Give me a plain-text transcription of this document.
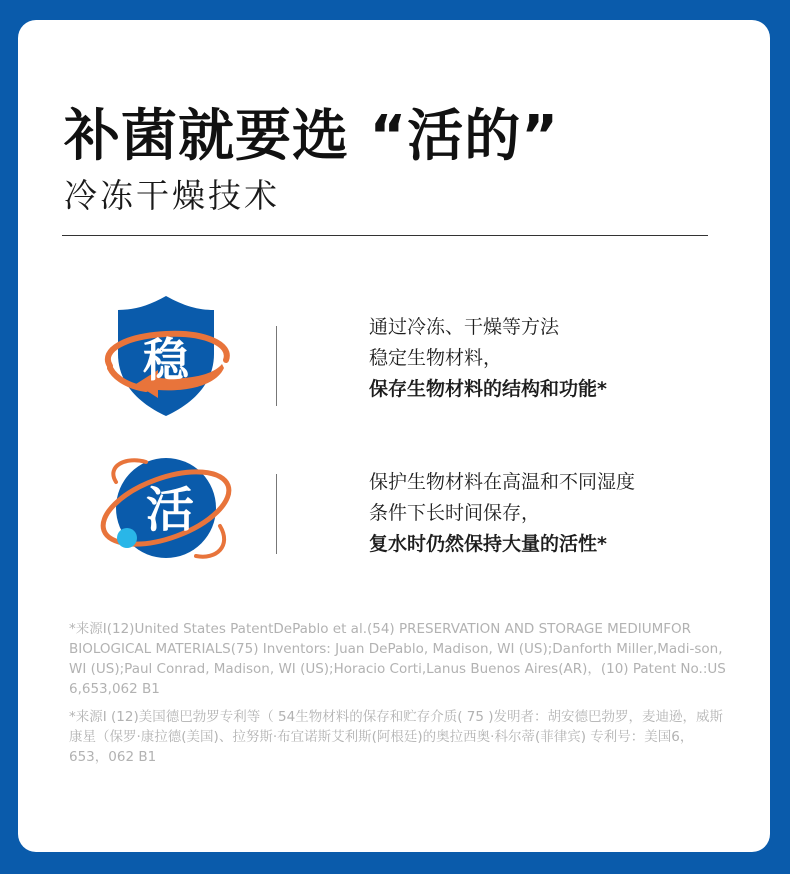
补菌就要选 “活的”
冷冻干燥技术
稳
通过冷冻、干燥等方法
稳定生物材料，
保存生物材料的结构和功能*
活	保护生物材料在高温和不同湿度
条件下长时间保存，
复水时仍然保持大量的活性*
*来源I(12)United States PatentDePablo et al.(54) PRESERVATION AND STORAGE MEDIUMFOR BIOLOGICAL MATERIALS(75) Inventors: Juan DePablo, Madison, WI (US);Danforth Miller,Madi-son, WI (US);Paul Conrad, Madison, WI (US);Horacio Corti,Lanus Buenos Aires(AR)，(10) Patent No.:US 6,653,062 B1
*来源I (12)美国德巴勃罗专利等（ 54生物材料的保存和贮存介质( 75 )发明者：胡安德巴勃罗，麦迪逊，威斯康星（保罗·康拉德(美国)、拉努斯·布宜诺斯艾利斯(阿根廷)的奥拉西奥·科尔蒂(菲律宾) 专利号：美国6，653，062 B1
